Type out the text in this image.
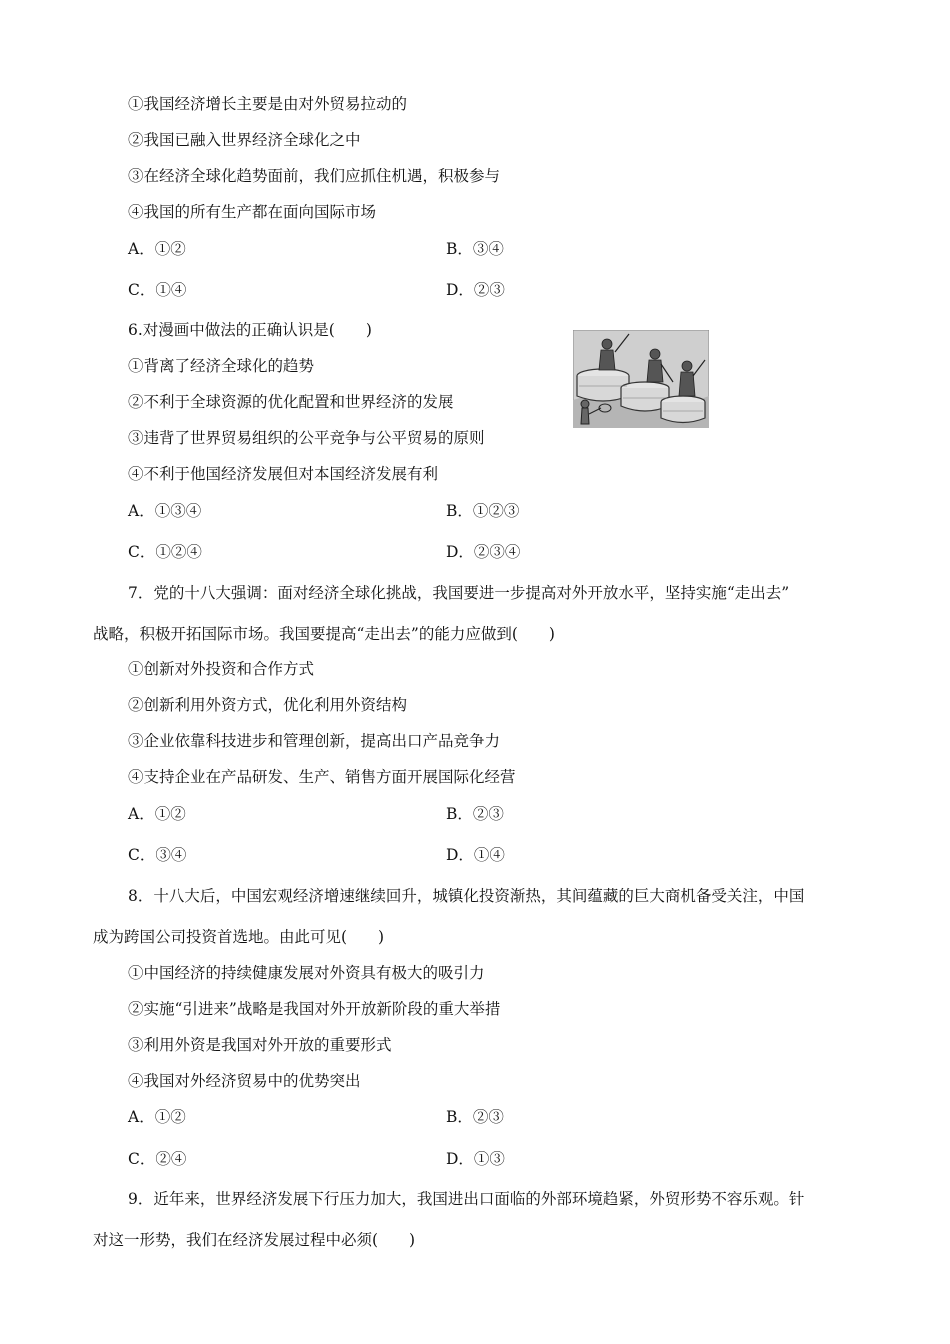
①我国经济增长主要是由对外贸易拉动的
②我国已融入世界经济全球化之中
③在经济全球化趋势面前，我们应抓住机遇，积极参与
④我国的所有生产都在面向国际市场
A．①②	B．③④
C．①④	D．②③
6.对漫画中做法的正确认识是(　　)
①背离了经济全球化的趋势
②不利于全球资源的优化配置和世界经济的发展
③违背了世界贸易组织的公平竞争与公平贸易的原则
④不利于他国经济发展但对本国经济发展有利
A．①③④	B．①②③
C．①②④	D．②③④
7．党的十八大强调：面对经济全球化挑战，我国要进一步提高对外开放水平，坚持实施“走出去”
战略，积极开拓国际市场。我国要提高“走出去”的能力应做到(　　)
①创新对外投资和合作方式
②创新利用外资方式，优化利用外资结构
③企业依靠科技进步和管理创新，提高出口产品竞争力
④支持企业在产品研发、生产、销售方面开展国际化经营
A．①②	B．②③
C．③④	D．①④
8．十八大后，中国宏观经济增速继续回升，城镇化投资渐热，其间蕴藏的巨大商机备受关注，中国
成为跨国公司投资首选地。由此可见(　　)
①中国经济的持续健康发展对外资具有极大的吸引力
②实施“引进来”战略是我国对外开放新阶段的重大举措
③利用外资是我国对外开放的重要形式
④我国对外经济贸易中的优势突出
A．①②	B．②③
C．②④	D．①③
9．近年来，世界经济发展下行压力加大，我国进出口面临的外部环境趋紧，外贸形势不容乐观。针
对这一形势，我们在经济发展过程中必须(　　)
